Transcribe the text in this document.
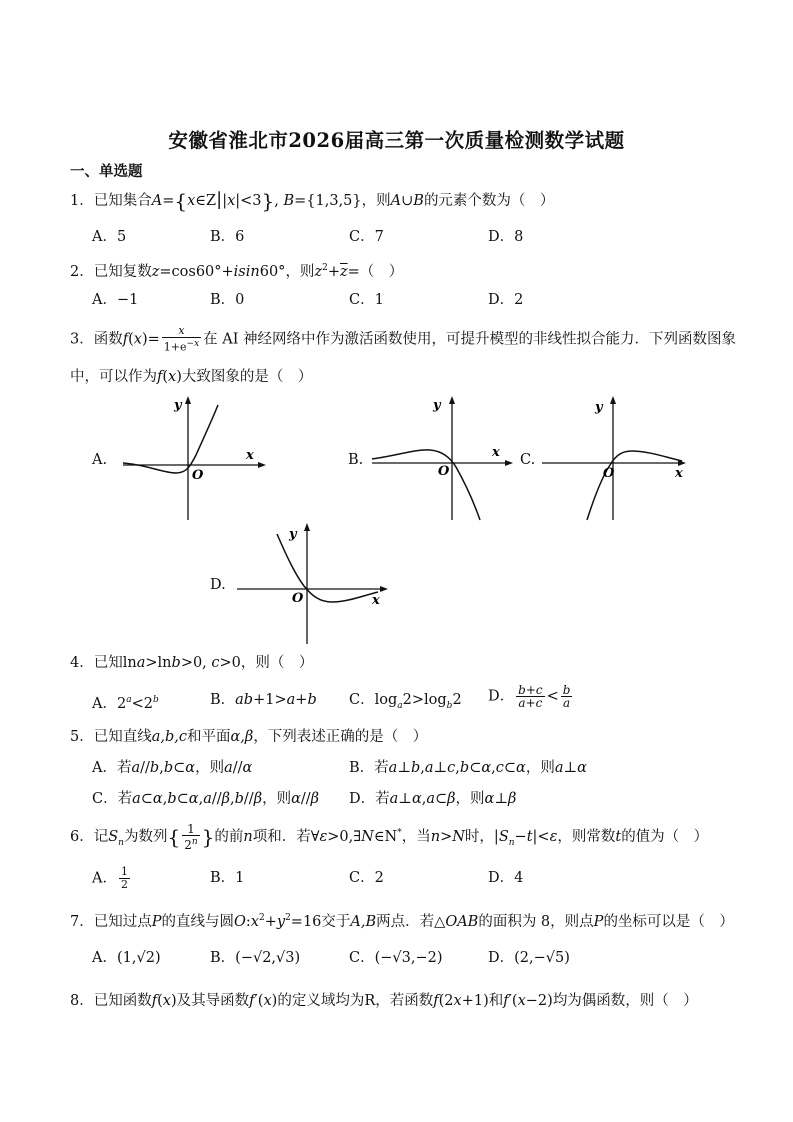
安徽省淮北市2026届高三第一次质量检测数学试题
一、单选题
1．已知集合A={x∈Z||x|<3}, B={1,3,5}，则A∪B的元素个数为（　）
A．5	B．6	C．7	D．8
2．已知复数z=cos60°+isin60°，则$z^2+\overline{z}=$（　）
A．−1	B．0	C．1	D．2
3．函数$f(x)= \frac{x}{1+e^{-x}}$ 在 AI 神经网络中作为激活函数使用，可提升模型的非线性拟合能力．下列函数图象
中，可以作为f(x)大致图象的是（　）
A.	x
y
O
B.	x
y
O
C.
x
y
O
D.
x
y
O
4．已知lna>lnb>0, c>0，则（　）
A．$2^a<2^b$	B．ab+1>a+b C．$\log_a2>\log_b2$ D． $\frac{b+c}{a+c} < \frac{b}{a}$
5．已知直线a,b,c和平面α,β，下列表述正确的是（　）
A．若a//b,b⊂α，则a//α	B．若a⊥b,a⊥c,b⊂α,c⊂α，则a⊥α
C．若a⊂α,b⊂α,a//β,b//β，则α//β D．若a⊥α,a⊂β，则α⊥β
6．记$S_n$为数列{ $\frac{1}{2^n}$ }的前n项和．若∀ε>0,∃N∈N*，当n>N时，$|S_n-t|<\varepsilon$，则常数t的值为（　）
A． $\frac{1}{2}$	B．1	C．2	D．4
7．已知过点P的直线与圆$O:x^2+y^2=16$交于A,B两点．若△OAB的面积为 8，则点P的坐标可以是（　）
A．(1,√2)	B．(−√2,√3)	C．(−√3,−2)	D．(2,−√5)
8．已知函数f(x)及其导函数f′(x)的定义域均为R，若函数f(2x+1)和f′(x−2)均为偶函数，则（　）
